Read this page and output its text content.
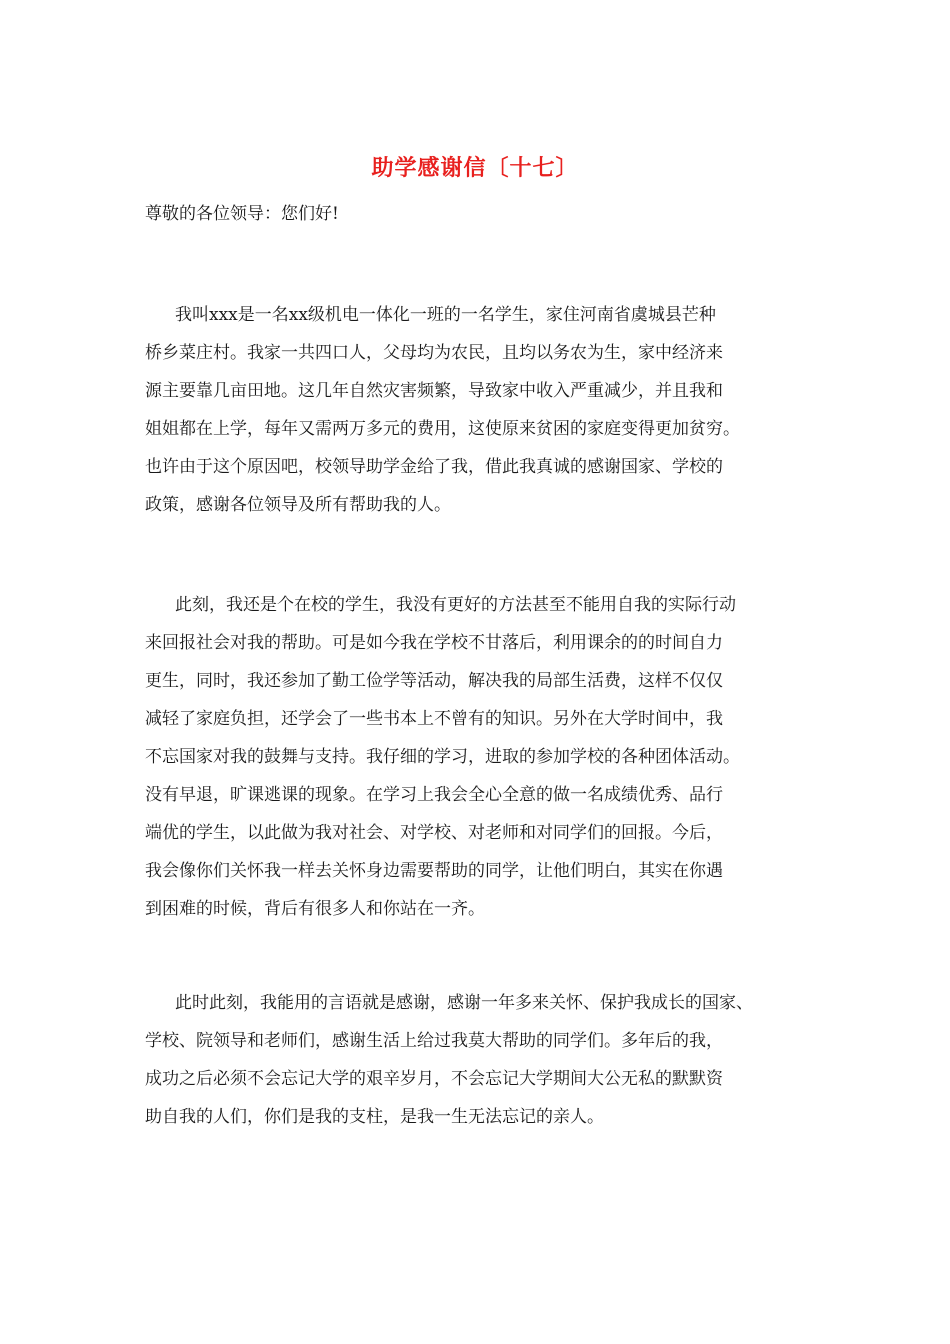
助学感谢信〔十七〕

尊敬的各位领导：您们好!

我叫xxx是一名xx级机电一体化一班的一名学生，家住河南省虞城县芒种
桥乡菜庄村。我家一共四口人，父母均为农民，且均以务农为生，家中经济来
源主要靠几亩田地。这几年自然灾害频繁，导致家中收入严重减少，并且我和
姐姐都在上学，每年又需两万多元的费用，这使原来贫困的家庭变得更加贫穷。
也许由于这个原因吧，校领导助学金给了我，借此我真诚的感谢国家、学校的
政策，感谢各位领导及所有帮助我的人。
此刻，我还是个在校的学生，我没有更好的方法甚至不能用自我的实际行动
来回报社会对我的帮助。可是如今我在学校不甘落后，利用课余的的时间自力
更生，同时，我还参加了勤工俭学等活动，解决我的局部生活费，这样不仅仅
减轻了家庭负担，还学会了一些书本上不曾有的知识。另外在大学时间中，我
不忘国家对我的鼓舞与支持。我仔细的学习，进取的参加学校的各种团体活动。
没有早退，旷课逃课的现象。在学习上我会全心全意的做一名成绩优秀、品行
端优的学生，以此做为我对社会、对学校、对老师和对同学们的回报。今后，
我会像你们关怀我一样去关怀身边需要帮助的同学，让他们明白，其实在你遇
到困难的时候，背后有很多人和你站在一齐。
此时此刻，我能用的言语就是感谢，感谢一年多来关怀、保护我成长的国家、
学校、院领导和老师们，感谢生活上给过我莫大帮助的同学们。多年后的我，
成功之后必须不会忘记大学的艰辛岁月，不会忘记大学期间大公无私的默默资
助自我的人们，你们是我的支柱，是我一生无法忘记的亲人。
